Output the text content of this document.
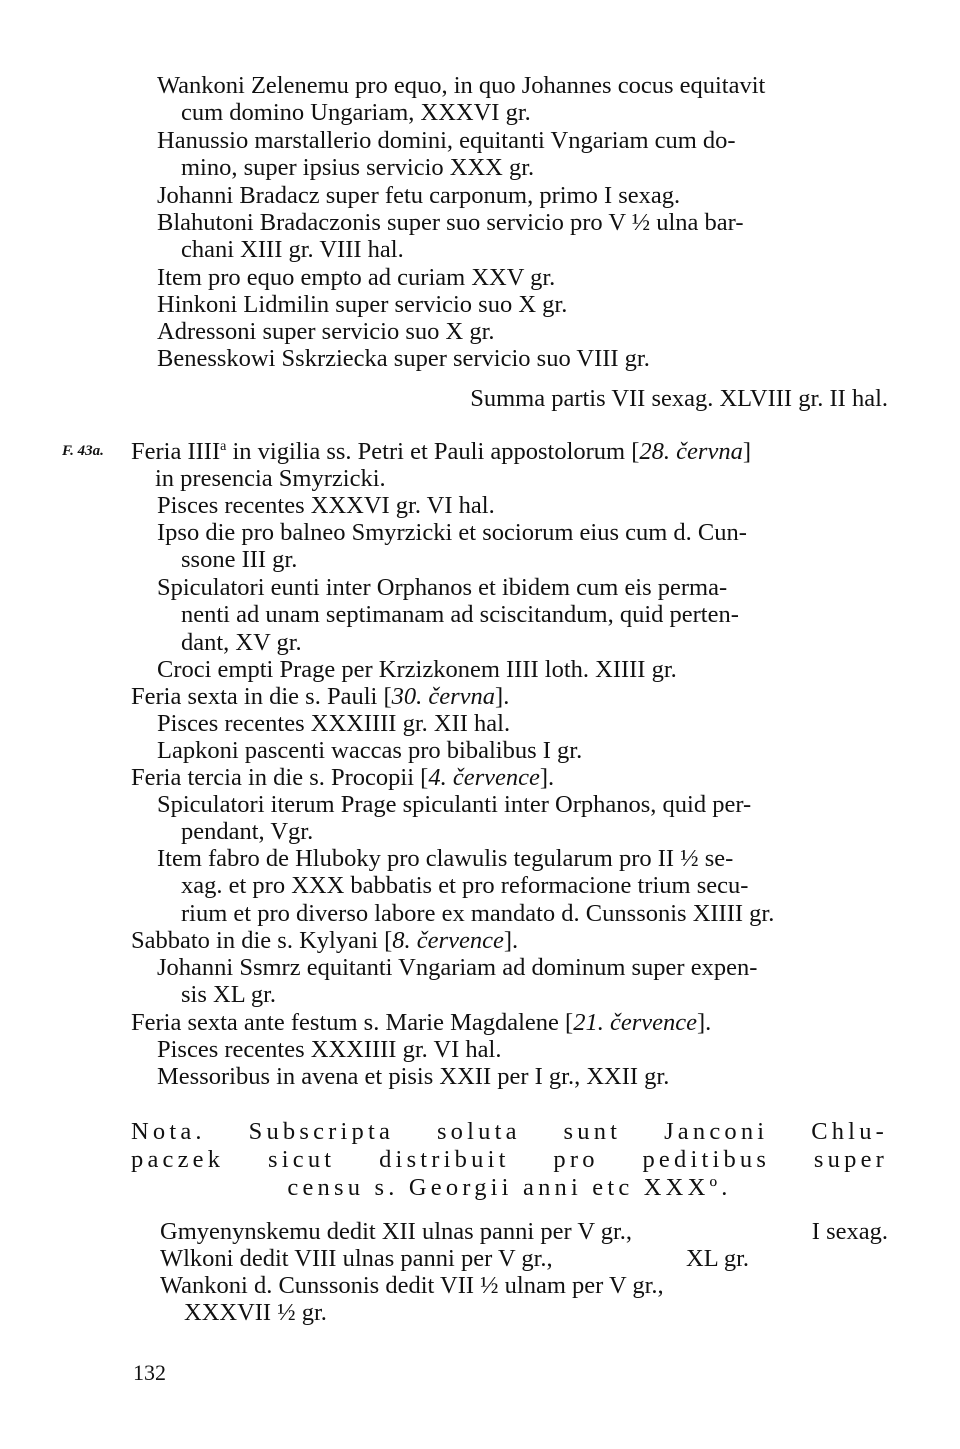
Wankoni Zelenemu pro equo, in quo Johannes cocus equitavit
cum domino Ungariam, XXXVI gr.
Hanussio marstallerio domini, equitanti Vngariam cum do-
mino, super ipsius servicio XXX gr.
Johanni Bradacz super fetu carponum, primo I sexag.
Blahutoni Bradaczonis super suo servicio pro V ½ ulna bar-
chani XIII gr. VIII hal.
Item pro equo empto ad curiam XXV gr.
Hinkoni Lidmilin super servicio suo X gr.
Adressoni super servicio suo X gr.
Benesskowi Sskrziecka super servicio suo VIII gr.
Summa partis VII sexag. XLVIII gr. II hal.
F. 43a. Feria IIII$^a$ in vigilia ss. Petri et Pauli appostolorum [28. června]
in presencia Smyrzicki.
Pisces recentes XXXVI gr. VI hal.
Ipso die pro balneo Smyrzicki et sociorum eius cum d. Cun-
ssone III gr.
Spiculatori eunti inter Orphanos et ibidem cum eis perma-
nenti ad unam septimanam ad sciscitandum, quid perten-
dant, XV gr.
Croci empti Prage per Krzizkonem IIII loth. XIIII gr.
Feria sexta in die s. Pauli [30. června].
Pisces recentes XXXIIII gr. XII hal.
Lapkoni pascenti waccas pro bibalibus I gr.
Feria tercia in die s. Procopii [4. července].
Spiculatori iterum Prage spiculanti inter Orphanos, quid per-
pendant, Vgr.
Item fabro de Hluboky pro clawulis tegularum pro II ½ se-
xag. et pro XXX babbatis et pro reformacione trium secu-
rium et pro diverso labore ex mandato d. Cunssonis XIIII gr.
Sabbato in die s. Kylyani [8. července].
Johanni Ssmrz equitanti Vngariam ad dominum super expen-
sis XL gr.
Feria sexta ante festum s. Marie Magdalene [21. července].
Pisces recentes XXXIIII gr. VI hal.
Messoribus in avena et pisis XXII per I gr., XXII gr.
Nota. Subscripta soluta sunt Janconi Chlu-
paczek sicut distribuit pro peditibus super
censu s. Georgii anni etc XXXº.
Gmyenynskemu dedit XII ulnas panni per V gr.,	I sexag.
Wlkoni dedit VIII ulnas panni per V gr.,	XL gr.
Wankoni d. Cunssonis dedit VII ½ ulnam per V gr.,
XXXVII ½ gr.
132
